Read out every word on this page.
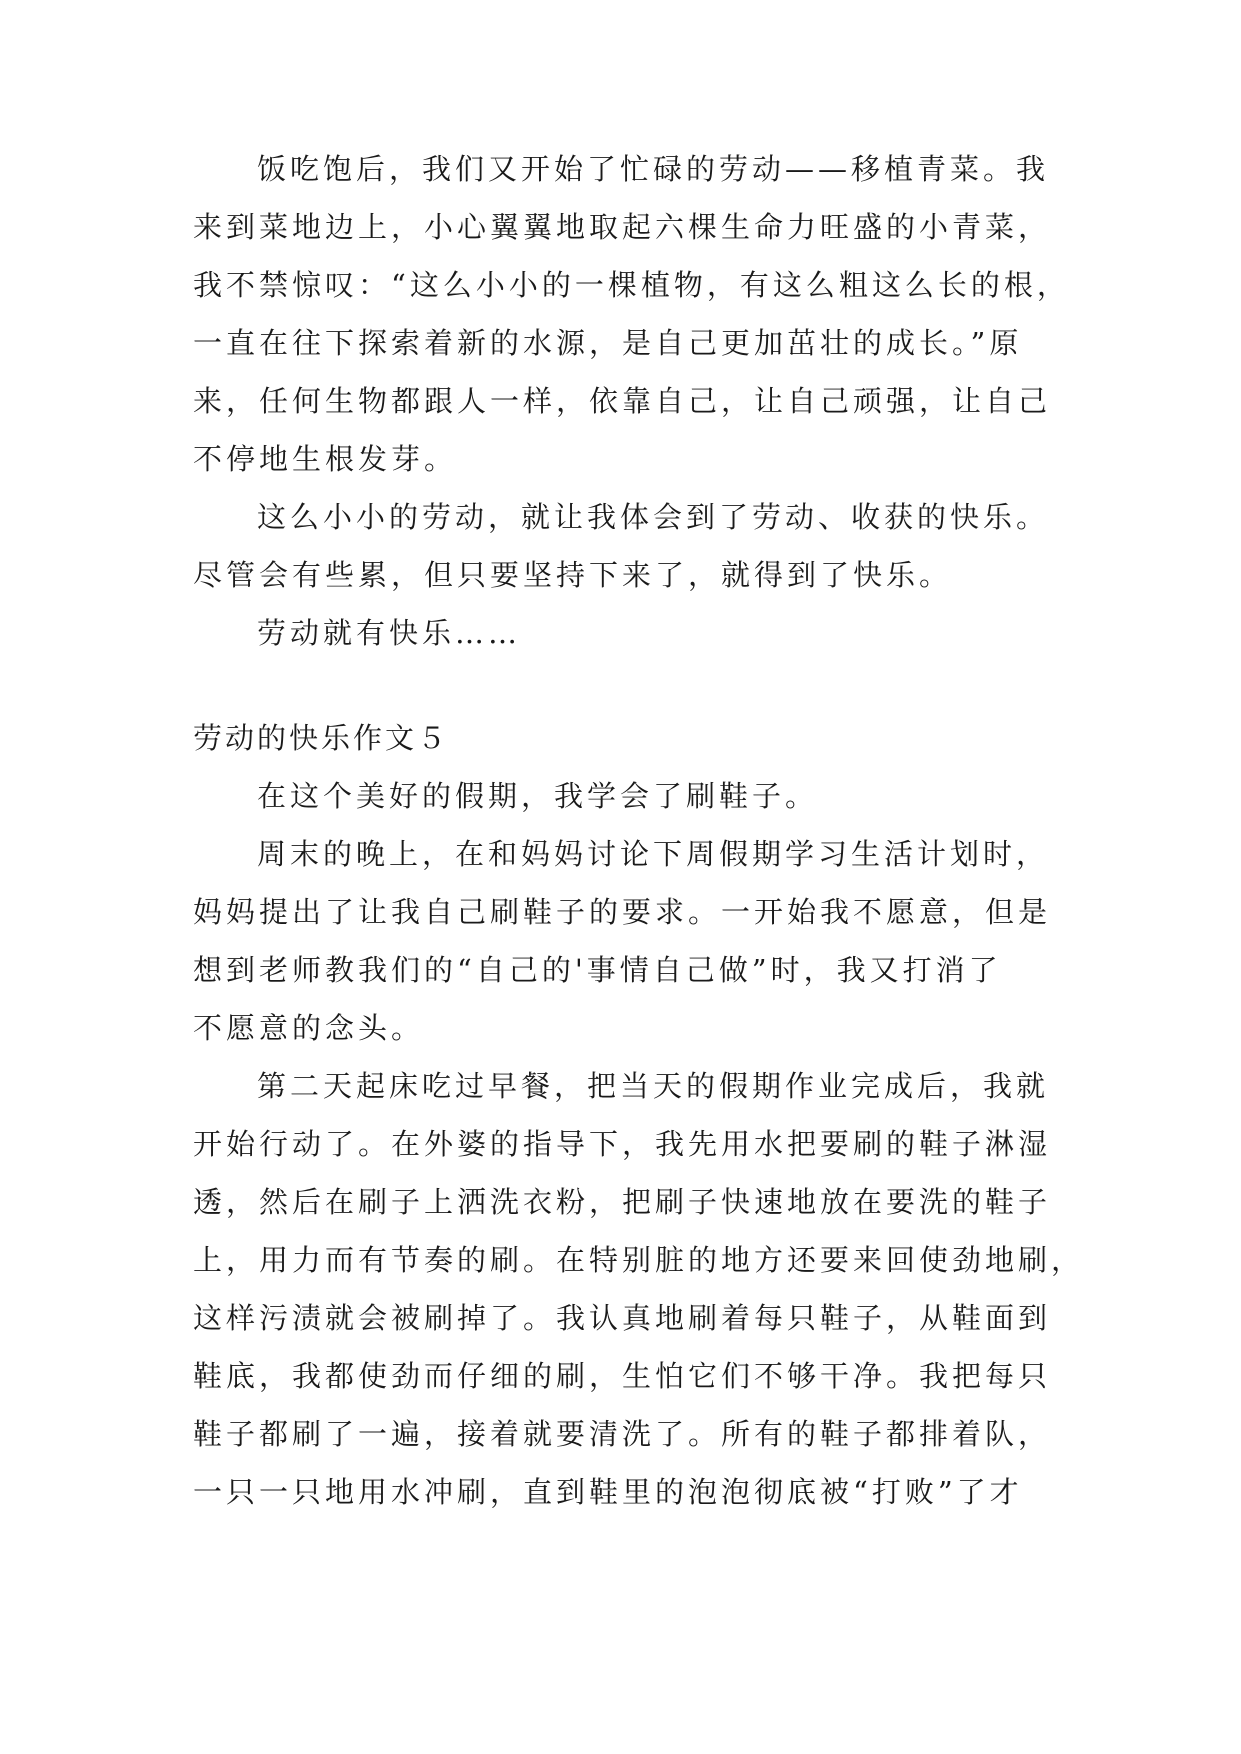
饭吃饱后，我们又开始了忙碌的劳动——移植青菜。我
来到菜地边上，小心翼翼地取起六棵生命力旺盛的小青菜，
我不禁惊叹：“这么小小的一棵植物，有这么粗这么长的根，
一直在往下探索着新的水源，是自己更加茁壮的成长。”原
来，任何生物都跟人一样，依靠自己，让自己顽强，让自己
不停地生根发芽。
这么小小的劳动，就让我体会到了劳动、收获的快乐。
尽管会有些累，但只要坚持下来了，就得到了快乐。
劳动就有快乐……
劳动的快乐作文５
在这个美好的假期，我学会了刷鞋子。
周末的晚上，在和妈妈讨论下周假期学习生活计划时，
妈妈提出了让我自己刷鞋子的要求。一开始我不愿意，但是
想到老师教我们的“自己的'事情自己做”时，我又打消了
不愿意的念头。
第二天起床吃过早餐，把当天的假期作业完成后，我就
开始行动了。在外婆的指导下，我先用水把要刷的鞋子淋湿
透，然后在刷子上洒洗衣粉，把刷子快速地放在要洗的鞋子
上，用力而有节奏的刷。在特别脏的地方还要来回使劲地刷，
这样污渍就会被刷掉了。我认真地刷着每只鞋子，从鞋面到
鞋底，我都使劲而仔细的刷，生怕它们不够干净。我把每只
鞋子都刷了一遍，接着就要清洗了。所有的鞋子都排着队，
一只一只地用水冲刷，直到鞋里的泡泡彻底被“打败”了才
